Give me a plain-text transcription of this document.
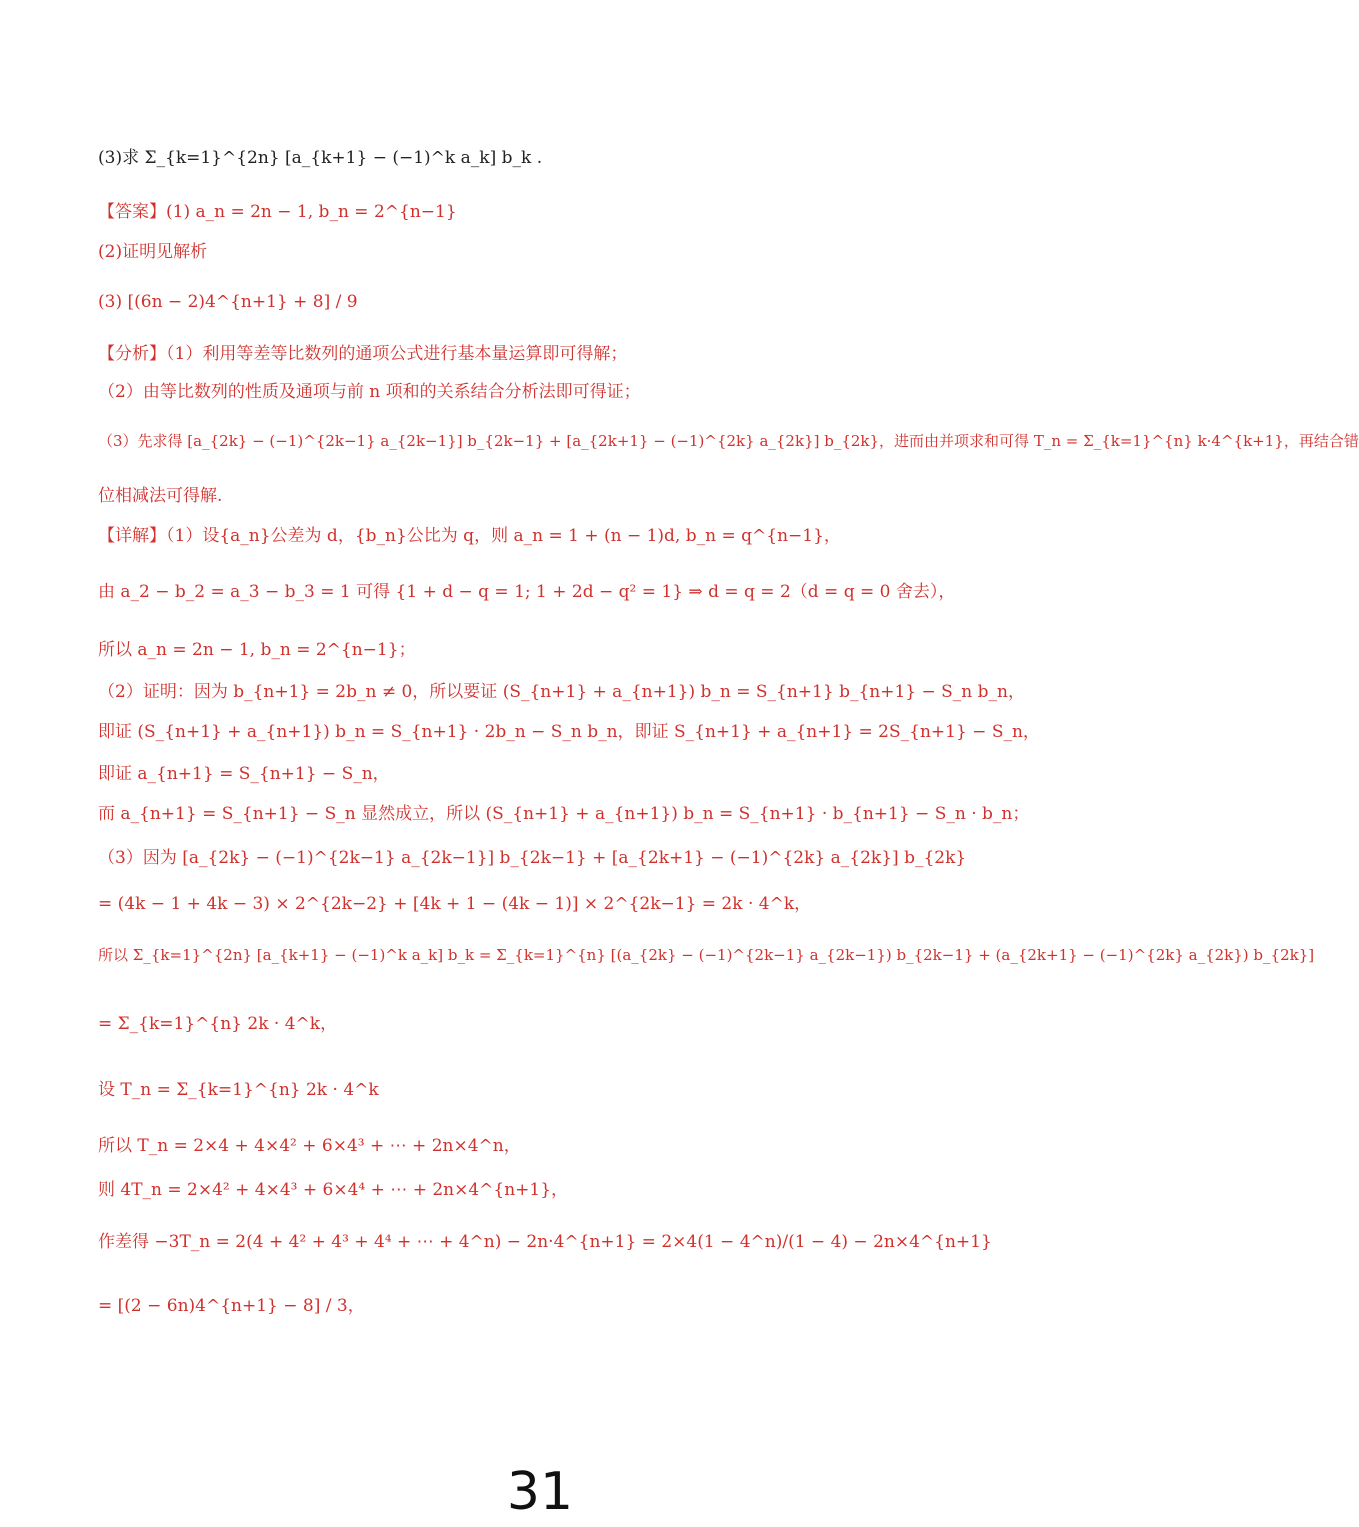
(3)求 Σ_{k=1}^{2n} [a_{k+1} − (−1)^k a_k] b_k .
【答案】(1) a_n = 2n − 1, b_n = 2^{n−1}
(2)证明见解析
(3) [(6n − 2)4^{n+1} + 8] / 9
【分析】（1）利用等差等比数列的通项公式进行基本量运算即可得解；
（2）由等比数列的性质及通项与前 n 项和的关系结合分析法即可得证；
（3）先求得 [a_{2k} − (−1)^{2k−1} a_{2k−1}] b_{2k−1} + [a_{2k+1} − (−1)^{2k} a_{2k}] b_{2k}，进而由并项求和可得 T_n = Σ_{k=1}^{n} k·4^{k+1}，再结合错
位相减法可得解.
【详解】（1）设{a_n}公差为 d，{b_n}公比为 q，则 a_n = 1 + (n − 1)d, b_n = q^{n−1}，
由 a_2 − b_2 = a_3 − b_3 = 1 可得 {1 + d − q = 1; 1 + 2d − q² = 1} ⇒ d = q = 2（d = q = 0 舍去），
所以 a_n = 2n − 1, b_n = 2^{n−1}；
（2）证明：因为 b_{n+1} = 2b_n ≠ 0，所以要证 (S_{n+1} + a_{n+1}) b_n = S_{n+1} b_{n+1} − S_n b_n，
即证 (S_{n+1} + a_{n+1}) b_n = S_{n+1} · 2b_n − S_n b_n，即证 S_{n+1} + a_{n+1} = 2S_{n+1} − S_n，
即证 a_{n+1} = S_{n+1} − S_n，
而 a_{n+1} = S_{n+1} − S_n 显然成立，所以 (S_{n+1} + a_{n+1}) b_n = S_{n+1} · b_{n+1} − S_n · b_n；
（3）因为 [a_{2k} − (−1)^{2k−1} a_{2k−1}] b_{2k−1} + [a_{2k+1} − (−1)^{2k} a_{2k}] b_{2k}
= (4k − 1 + 4k − 3) × 2^{2k−2} + [4k + 1 − (4k − 1)] × 2^{2k−1} = 2k · 4^k，
所以 Σ_{k=1}^{2n} [a_{k+1} − (−1)^k a_k] b_k = Σ_{k=1}^{n} [(a_{2k} − (−1)^{2k−1} a_{2k−1}) b_{2k−1} + (a_{2k+1} − (−1)^{2k} a_{2k}) b_{2k}]
= Σ_{k=1}^{n} 2k · 4^k，
设 T_n = Σ_{k=1}^{n} 2k · 4^k
所以 T_n = 2×4 + 4×4² + 6×4³ + ⋯ + 2n×4^n，
则 4T_n = 2×4² + 4×4³ + 6×4⁴ + ⋯ + 2n×4^{n+1}，
作差得 −3T_n = 2(4 + 4² + 4³ + 4⁴ + ⋯ + 4^n) − 2n·4^{n+1} = 2×4(1 − 4^n)/(1 − 4) − 2n×4^{n+1}
= [(2 − 6n)4^{n+1} − 8] / 3，
31
